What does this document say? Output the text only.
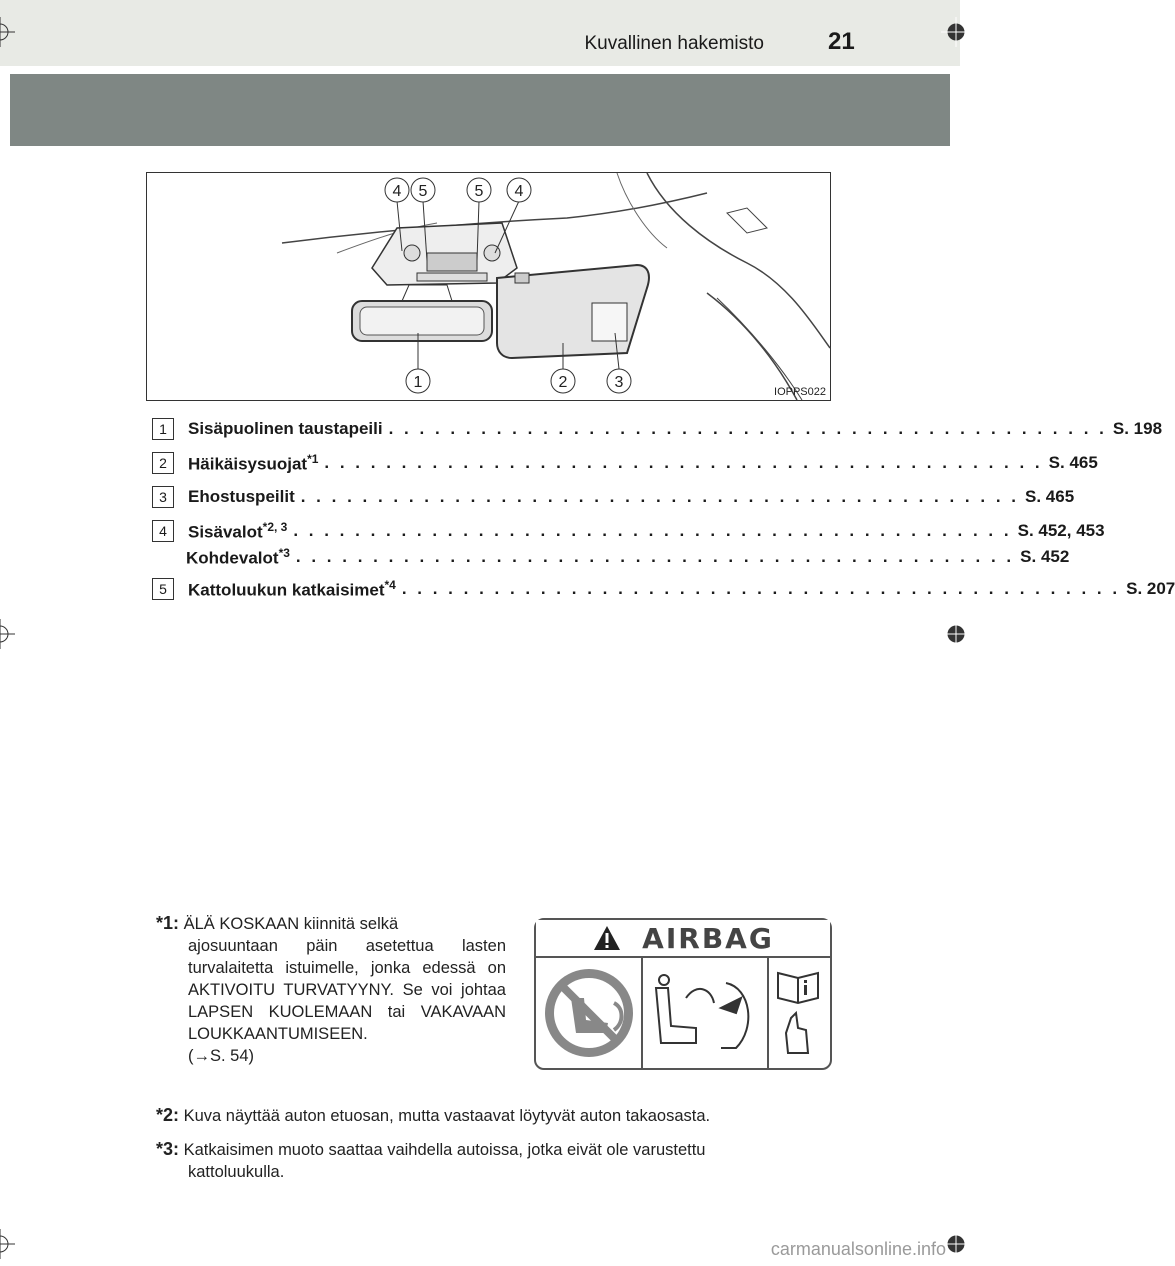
Kuvallinen hakemisto	21
4 5	5 4
1	2	3
IOPPS022
1	Sisäpuolinen taustapeili . . . . . . . . . . . . . . . . . . . . . . . . . . . . . . . . . . . . . . . . . . . . . . . S. 198
2	Häikäisysuojat$^{*1}$ . . . . . . . . . . . . . . . . . . . . . . . . . . . . . . . . . . . . . . . . . . . . . . . S. 465
3	Ehostuspeilit . . . . . . . . . . . . . . . . . . . . . . . . . . . . . . . . . . . . . . . . . . . . . . . S. 465
4	Sisävalot$^{*2, 3}$ . . . . . . . . . . . . . . . . . . . . . . . . . . . . . . . . . . . . . . . . . . . . . . . S. 452, 453
Kohdevalot$^{*3}$ . . . . . . . . . . . . . . . . . . . . . . . . . . . . . . . . . . . . . . . . . . . . . . . S. 452
5	Kattoluukun katkaisimet$^{*4}$ . . . . . . . . . . . . . . . . . . . . . . . . . . . . . . . . . . . . . . . . . . . . . . . S. 207

*1: ÄLÄ KOSKAAN kiinnitä selkä

ajosuuntaan päin asetettua lasten turvalaitetta istuimelle, jonka edessä on AKTIVOITU TURVATYYNY. Se voi johtaa LAPSEN KUOLEMAAN tai VAKAVAAN LOUKKAANTUMISEEN.

(→S. 54)

AIRBAG
*2: Kuva näyttää auton etuosan, mutta vastaavat löytyvät auton takaosasta.
*3: Katkaisimen muoto saattaa vaihdella autoissa, jotka eivät ole varustettu
kattoluukulla.
carmanualsonline.info
